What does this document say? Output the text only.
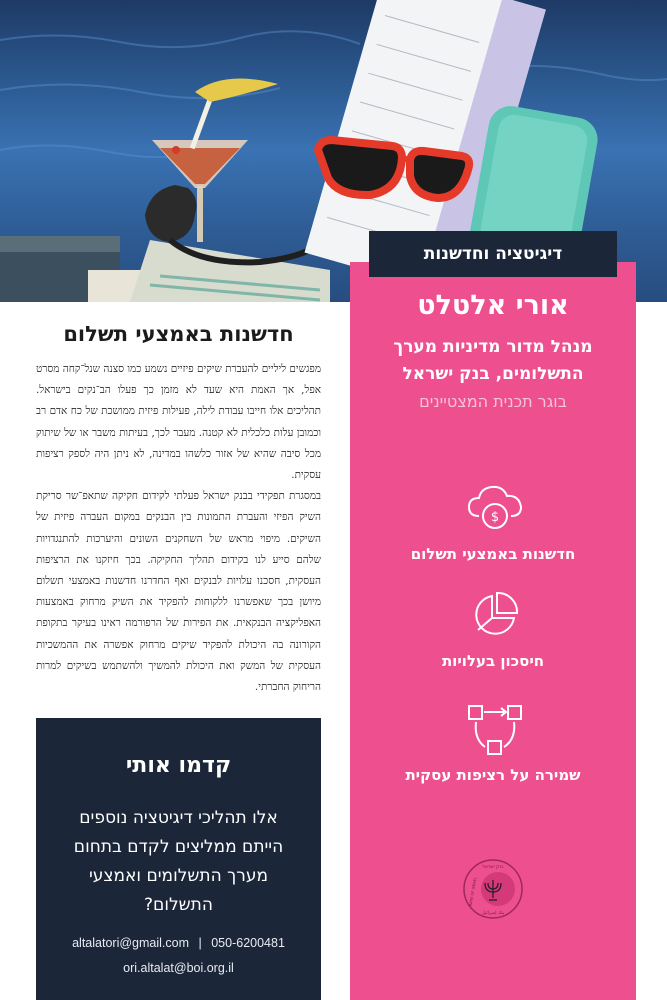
דיגיטציה וחדשנות
אורי אלטלט
מנהל מדור מדיניות מערך התשלומים, בנק ישראל
בוגר תכנית המצטיינים
$
חדשנות באמצעי תשלום
חיסכון בעלויות
שמירה על רציפות עסקית
בנק ישראל
BANK OF ISRAEL
بنك إسرائيل
חדשנות באמצעי תשלום

מפגשים ליליים להעברת שיקים פיזיים נשמע כמו סצנה שנל־קחה מסרט אפל, אך האמת היא שעד לא מזמן כך פעלו הב־נקים בישראל. תהליכים אלו חייבו עבודת לילה, פעילות פיזית ממושכת של כח אדם רב וכמובן עלות כלכלית לא קטנה. מעבר לכך, בעיתות משבר או של שיתוק מכל סיבה שהיא של אזור כלשהו במדינה, לא ניתן היה לספק רציפות עסקית.

במסגרת תפקידי בבנק ישראל פעלתי לקידום חקיקה שתאפ־שר סריקת השיק הפיזי והעברת התמונות בין הבנקים במקום העברה פיזית של השיקים. מיפוי מראש של השחקנים השונים והיערכות להתנגדויות שלהם סייע לנו בקידום תהליך החקיקה. בכך חיזקנו את הרציפות העסקית, חסכנו עלויות לבנקים ואף החדרנו חדשנות באמצעי תשלום מיושן בכך שאפשרנו ללקוחות להפקיד את השיק מרחוק באמצעות האפליקציה הבנקאית. את הפירות של הרפורמה ראינו בעיקר בתקופת הקורונה בה היכולת להפקיד שיקים מרחוק אפשרה את ההמשכיות העסקית של המשק ואת היכולת להמשיך ולהשתמש בשיקים למרות הריחוק החברתי.

קדמו אותי
אלו תהליכי דיגיטציה נוספים הייתם ממליצים לקדם בתחום מערך התשלומים ואמצעי התשלום?
altalatori@gmail.com | 050-6200481
ori.altalat@boi.org.il
